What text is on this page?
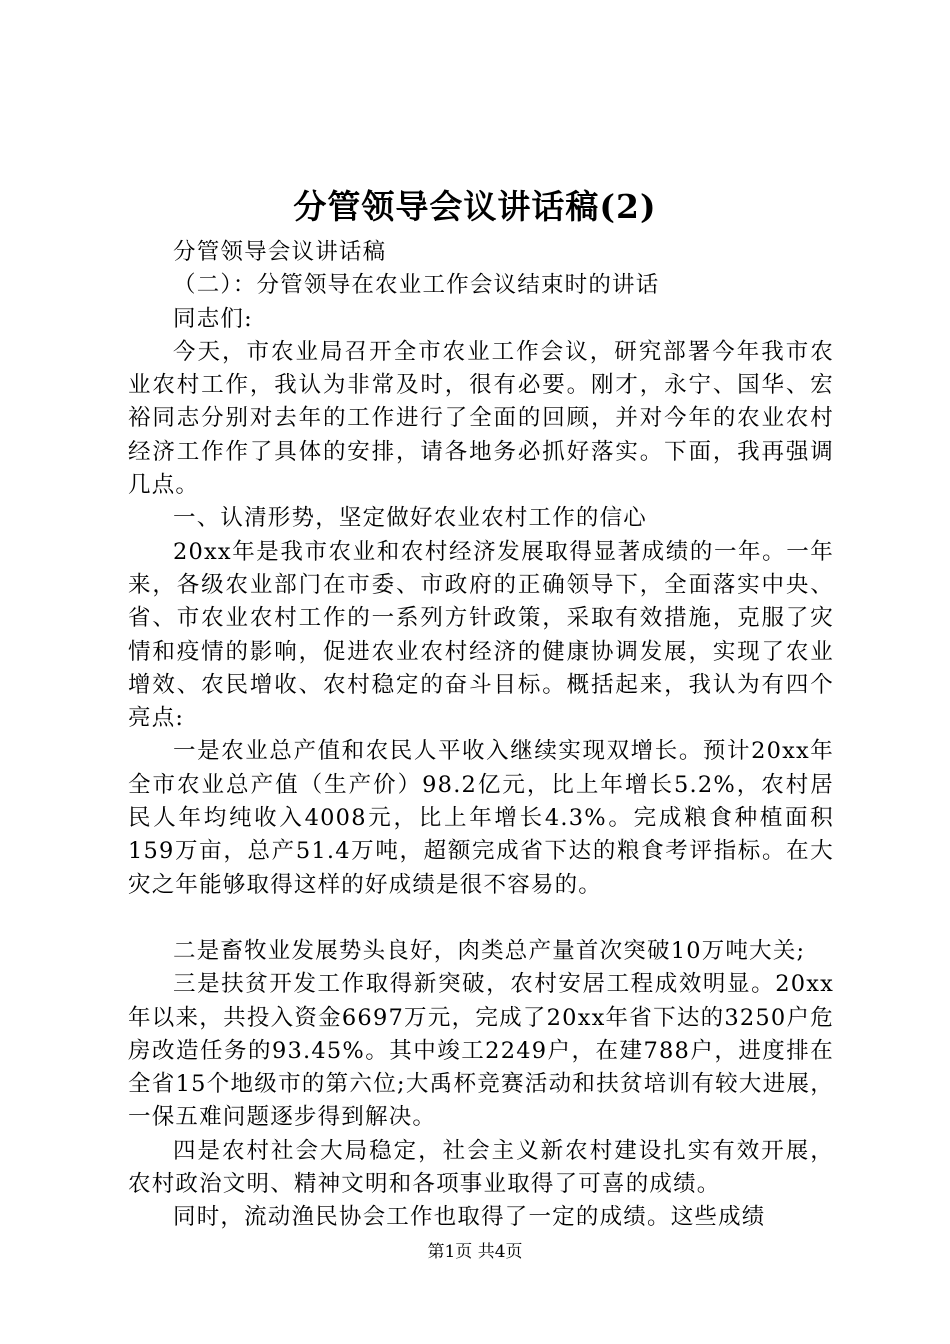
分管领导会议讲话稿(2)

分管领导会议讲话稿

（二）：分管领导在农业工作会议结束时的讲话

同志们:

今天，市农业局召开全市农业工作会议，研究部署今年我市农业农村工作，我认为非常及时，很有必要。刚才，永宁、国华、宏裕同志分别对去年的工作进行了全面的回顾，并对今年的农业农村经济工作作了具体的安排，请各地务必抓好落实。下面，我再强调几点。

一、认清形势，坚定做好农业农村工作的信心

20xx年是我市农业和农村经济发展取得显著成绩的一年。一年来，各级农业部门在市委、市政府的正确领导下，全面落实中央、省、市农业农村工作的一系列方针政策，采取有效措施，克服了灾情和疫情的影响，促进农业农村经济的健康协调发展，实现了农业增效、农民增收、农村稳定的奋斗目标。概括起来，我认为有四个亮点:

一是农业总产值和农民人平收入继续实现双增长。预计20xx年全市农业总产值（生产价）98.2亿元，比上年增长5.2%，农村居民人年均纯收入4008元，比上年增长4.3%。完成粮食种植面积159万亩，总产51.4万吨，超额完成省下达的粮食考评指标。在大灾之年能够取得这样的好成绩是很不容易的。

二是畜牧业发展势头良好，肉类总产量首次突破10万吨大关;

三是扶贫开发工作取得新突破，农村安居工程成效明显。20xx年以来，共投入资金6697万元，完成了20xx年省下达的3250户危房改造任务的93.45%。其中竣工2249户，在建788户，进度排在全省15个地级市的第六位;大禹杯竞赛活动和扶贫培训有较大进展，一保五难问题逐步得到解决。

四是农村社会大局稳定，社会主义新农村建设扎实有效开展，农村政治文明、精神文明和各项事业取得了可喜的成绩。

同时，流动渔民协会工作也取得了一定的成绩。这些成绩

第1页 共4页
